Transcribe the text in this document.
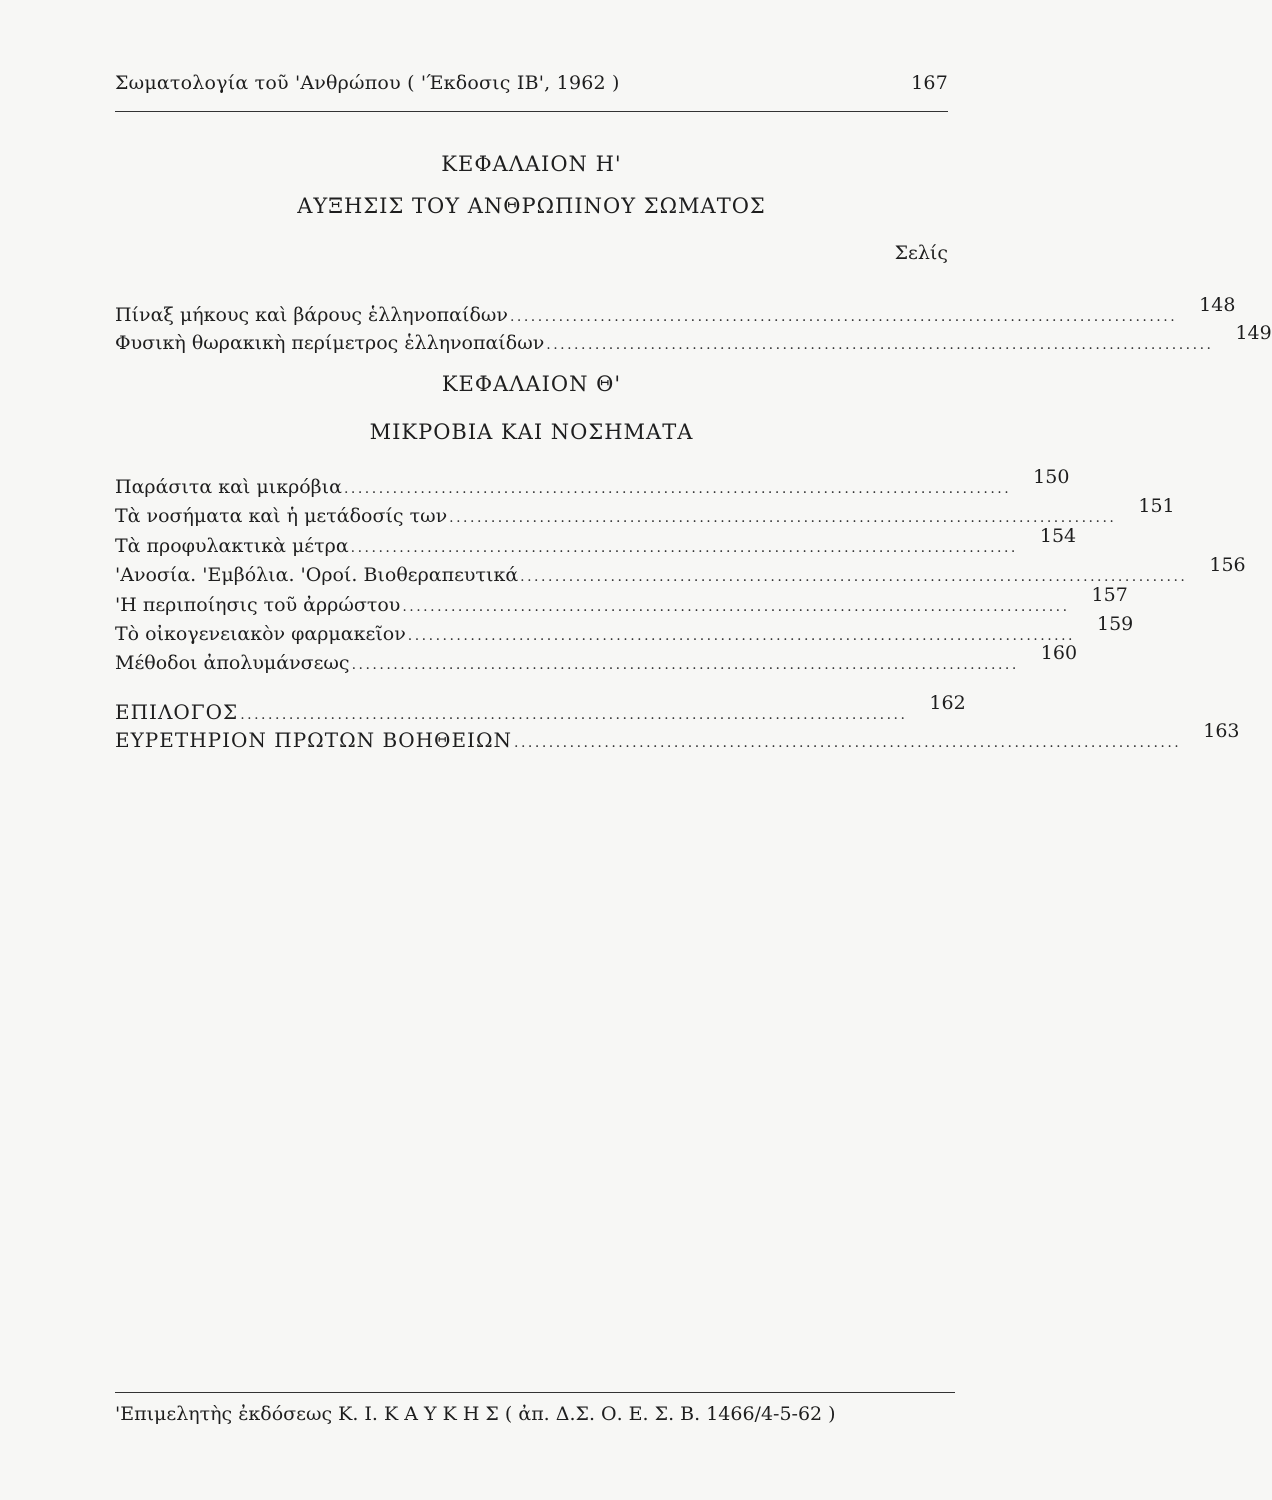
Σωματολογία τοῦ 'Ανθρώπου ( 'Έκδοσις ΙΒ', 1962 )	167
ΚΕΦΑΛΑΙΟΝ Η'
ΑΥΞΗΣΙΣ ΤΟΥ ΑΝΘΡΩΠΙΝΟΥ ΣΩΜΑΤΟΣ
Σελίς
Πίναξ μήκους καὶ βάρους ἑλληνοπαίδων ................................................................................................
148
Φυσικὴ θωρακικὴ περίμετρος ἑλληνοπαίδων ................................................................................................
149
ΚΕΦΑΛΑΙΟΝ Θ'
ΜΙΚΡΟΒΙΑ ΚΑΙ ΝΟΣΗΜΑΤΑ
Παράσιτα καὶ μικρόβια ................................................................................................
150
Τὰ νοσήματα καὶ ἡ μετάδοσίς των ................................................................................................
151
Τὰ προφυλακτικὰ μέτρα ................................................................................................
154
'Ανοσία. 'Εμβόλια. 'Οροί. Βιοθεραπευτικά ................................................................................................
156
'Η περιποίησις τοῦ ἀρρώστου ................................................................................................
157
Τὸ οἰκογενειακὸν φαρμακεῖον ................................................................................................
159
Μέθοδοι ἀπολυμάνσεως ................................................................................................
160
ΕΠΙΛΟΓΟΣ ................................................................................................
162
ΕΥΡΕΤΗΡΙΟΝ ΠΡΩΤΩΝ ΒΟΗΘΕΙΩΝ ................................................................................................
163
'Επιμελητὴς ἐκδόσεως Κ. Ι. Κ Α Υ Κ Η Σ ( ἀπ. Δ.Σ. Ο. Ε. Σ. Β. 1466/4-5-62 )
